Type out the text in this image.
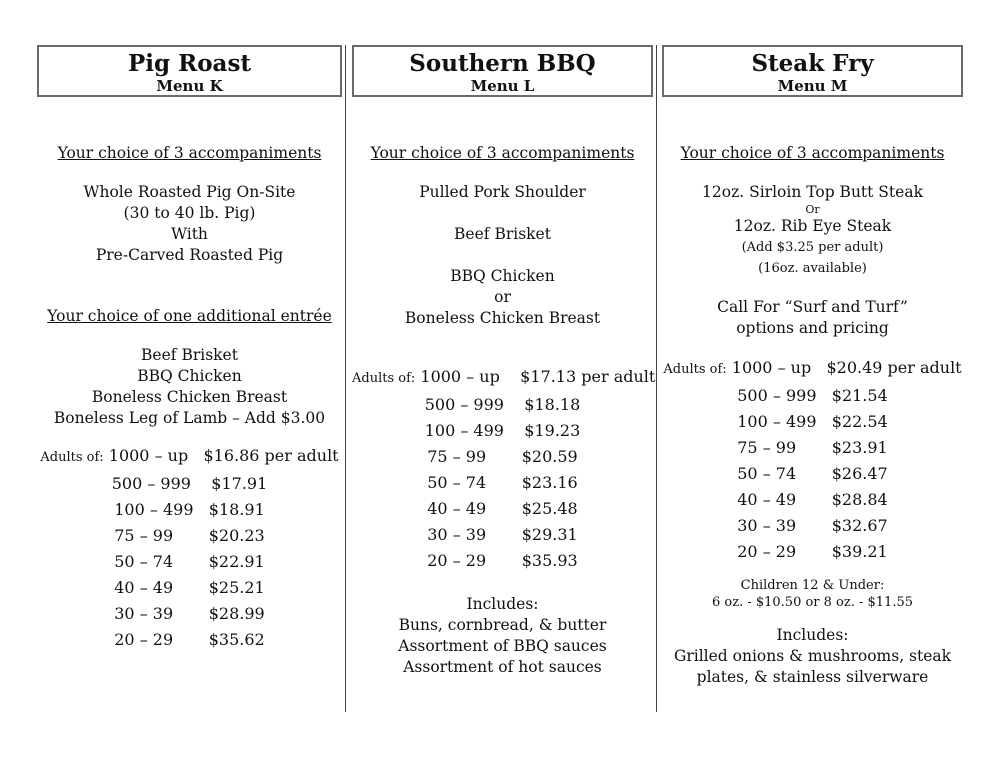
Pig Roast
Menu K
Your choice of 3 accompaniments
Whole Roasted Pig On-Site
(30 to 40 lb. Pig)
With
Pre-Carved Roasted Pig
Your choice of one additional entrée
Beef Brisket
BBQ Chicken
Boneless Chicken Breast
Boneless Leg of Lamb – Add $3.00
Adults of: 1000 – up   $16.86 per adult
500 – 999    $17.91
100 – 499   $18.91
75 – 99       $20.23
50 – 74       $22.91
40 – 49       $25.21
30 – 39       $28.99
20 – 29       $35.62
Southern BBQ
Menu L
Your choice of 3 accompaniments
Pulled Pork Shoulder
Beef Brisket
BBQ Chicken
or
Boneless Chicken Breast
Adults of: 1000 – up    $17.13 per adult
500 – 999    $18.18
100 – 499    $19.23
75 – 99       $20.59
50 – 74       $23.16
40 – 49       $25.48
30 – 39       $29.31
20 – 29       $35.93
Includes:
Buns, cornbread, & butter
Assortment of BBQ sauces
Assortment of hot sauces
Steak Fry
Menu M
Your choice of 3 accompaniments
12oz. Sirloin Top Butt Steak
Or
12oz. Rib Eye Steak
(Add $3.25 per adult)
(16oz. available)
Call For “Surf and Turf”
options and pricing
Adults of: 1000 – up   $20.49 per adult
500 – 999   $21.54
100 – 499   $22.54
75 – 99       $23.91
50 – 74       $26.47
40 – 49       $28.84
30 – 39       $32.67
20 – 29       $39.21
Children 12 & Under:
6 oz. - $10.50 or 8 oz. - $11.55
Includes:
Grilled onions & mushrooms, steak
plates, & stainless silverware
